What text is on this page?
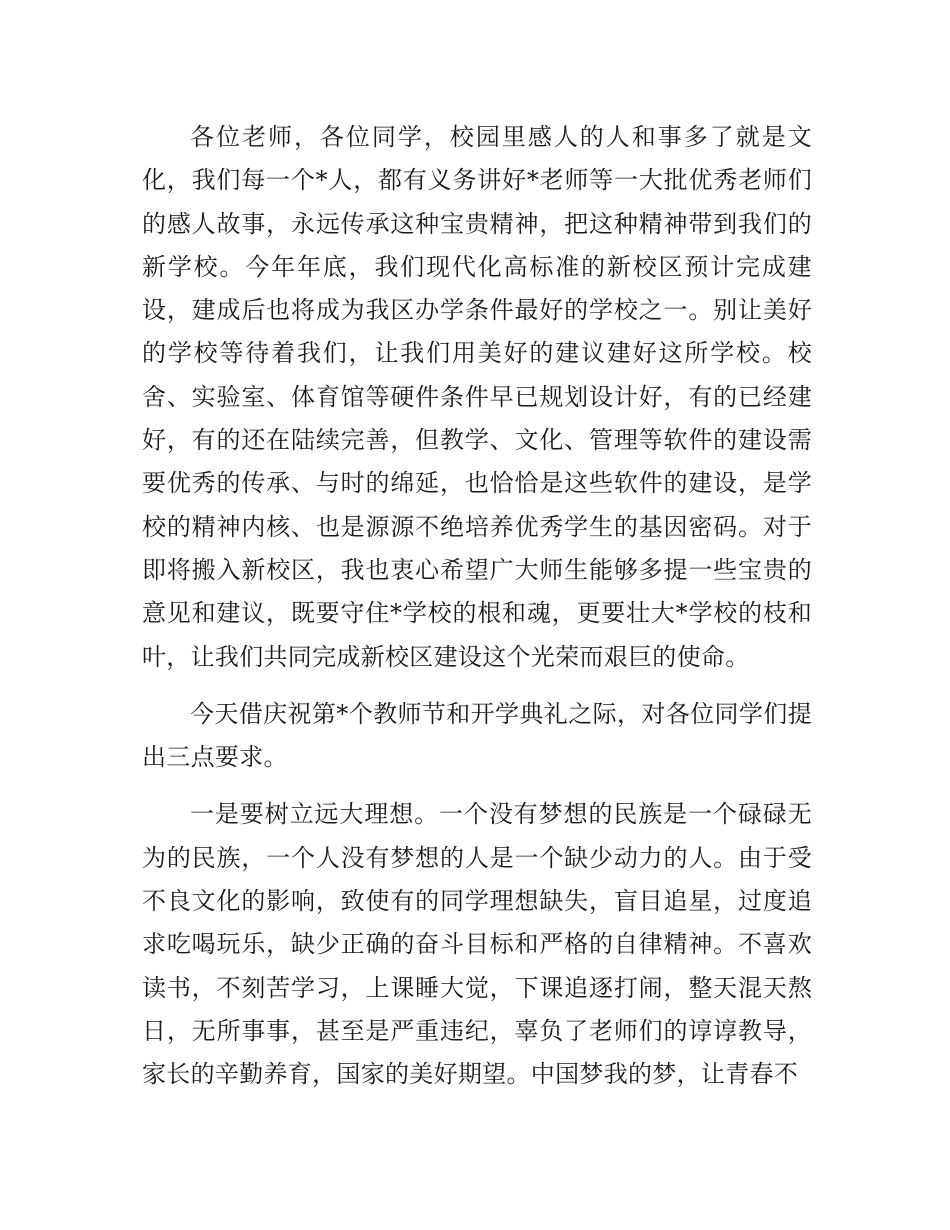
各位老师，各位同学，校园里感人的人和事多了就是文化，我们每一个*人，都有义务讲好*老师等一大批优秀老师们的感人故事，永远传承这种宝贵精神，把这种精神带到我们的新学校。今年年底，我们现代化高标准的新校区预计完成建设，建成后也将成为我区办学条件最好的学校之一。别让美好的学校等待着我们，让我们用美好的建议建好这所学校。校舍、实验室、体育馆等硬件条件早已规划设计好，有的已经建好，有的还在陆续完善，但教学、文化、管理等软件的建设需要优秀的传承、与时的绵延，也恰恰是这些软件的建设，是学校的精神内核、也是源源不绝培养优秀学生的基因密码。对于即将搬入新校区，我也衷心希望广大师生能够多提一些宝贵的意见和建议，既要守住*学校的根和魂，更要壮大*学校的枝和叶，让我们共同完成新校区建设这个光荣而艰巨的使命。

今天借庆祝第*个教师节和开学典礼之际，对各位同学们提出三点要求。

一是要树立远大理想。一个没有梦想的民族是一个碌碌无为的民族，一个人没有梦想的人是一个缺少动力的人。由于受不良文化的影响，致使有的同学理想缺失，盲目追星，过度追求吃喝玩乐，缺少正确的奋斗目标和严格的自律精神。不喜欢读书，不刻苦学习，上课睡大觉，下课追逐打闹，整天混天熬日，无所事事，甚至是严重违纪，辜负了老师们的谆谆教导，家长的辛勤养育，国家的美好期望。中国梦我的梦，让青春不
